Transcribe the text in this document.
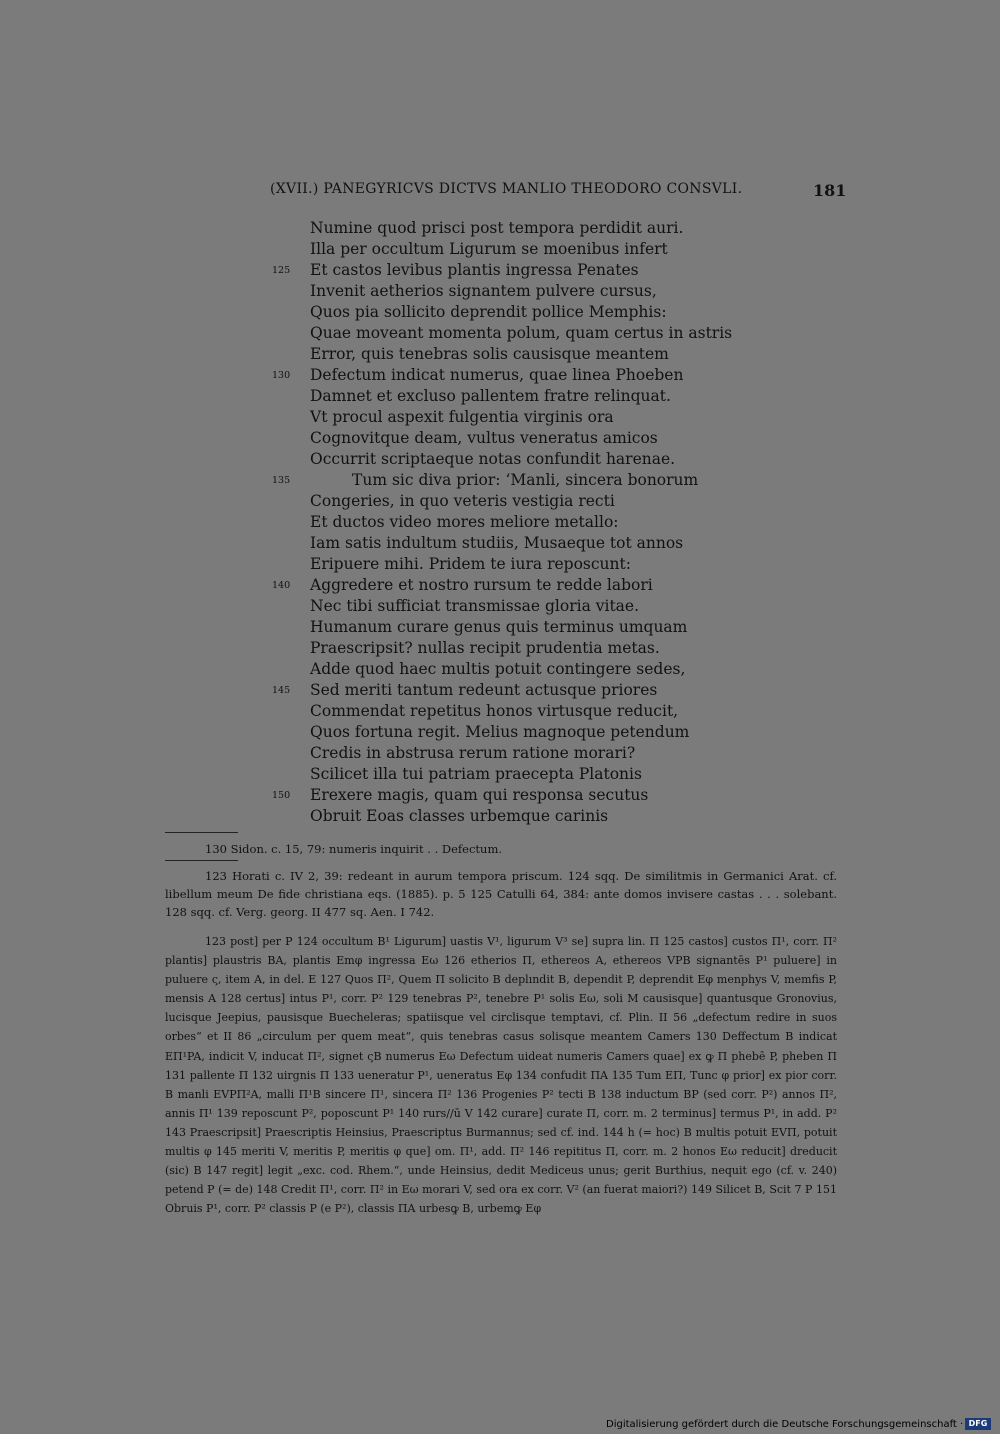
(XVII.) PANEGYRICVS DICTVS MANLIO THEODORO CONSVLI.	181
Numine quod prisci post tempora perdidit auri.
Illa per occultum Ligurum se moenibus infert
125 Et castos levibus plantis ingressa Penates
Invenit aetherios signantem pulvere cursus,
Quos pia sollicito deprendit pollice Memphis:
Quae moveant momenta polum, quam certus in astris
Error, quis tenebras solis causisque meantem
130 Defectum indicat numerus, quae linea Phoeben
Damnet et excluso pallentem fratre relinquat.
Vt procul aspexit fulgentia virginis ora
Cognovitque deam, vultus veneratus amicos
Occurrit scriptaeque notas confundit harenae.
135	Tum sic diva prior: ‘Manli, sincera bonorum
Congeries, in quo veteris vestigia recti
Et ductos video mores meliore metallo:
Iam satis indultum studiis, Musaeque tot annos
Eripuere mihi. Pridem te iura reposcunt:
140 Aggredere et nostro rursum te redde labori
Nec tibi sufficiat transmissae gloria vitae.
Humanum curare genus quis terminus umquam
Praescripsit? nullas recipit prudentia metas.
Adde quod haec multis potuit contingere sedes,
145 Sed meriti tantum redeunt actusque priores
Commendat repetitus honos virtusque reducit,
Quos fortuna regit. Melius magnoque petendum
Credis in abstrusa rerum ratione morari?
Scilicet illa tui patriam praecepta Platonis
150 Erexere magis, quam qui responsa secutus
Obruit Eoas classes urbemque carinis
130 Sidon. c. 15, 79: numeris inquirit . . Defectum.
123 Horati c. IV 2, 39: redeant in aurum tempora priscum. 124 sqq. De similitmis in Germanici Arat. cf. libellum meum De fide christiana eqs. (1885). p. 5 125 Catulli 64, 384: ante domos invisere castas . . . solebant. 128 sqq. cf. Verg. georg. II 477 sq. Aen. I 742.
123 post] per P 124 occultum B¹ Ligurum] uastis V¹, ligurum V³ se] supra lin. Π 125 castos] custos Π¹, corr. Π² plantis] plaustris BA, plantis Emφ ingressa Eω 126 etherios Π, ethereos A, ethereos VPB signantēs P¹ puluere] in puluere ς, item A, in del. E 127 Quos Π², Quem Π solicito B deplındit B, dependit P, deprendit Eφ menphys V, memfis P, mensis A 128 certus] intus P¹, corr. P² 129 tenebras P², tenebre P¹ solis Eω, soli M causisque] quantusque Gronovius, lucisque Jeepius, pausisque Buecheleras; spatiisque vel circlisque temptavi, cf. Plin. II 56 „defectum redire in suos orbes“ et II 86 „circulum per quem meat“, quis tenebras casus solisque meantem Camers 130 Deffectum B indicat EΠ¹PA, indicit V, inducat Π², signet ςB numerus Eω Defectum uideat numeris Camers quae] ex ꝙ Π phebē P, pheben Π 131 pallente Π 132 uirgnis Π 133 ueneratur P¹, ueneratus Eφ 134 confudit ΠA 135 Tum EΠ, Tunc φ prior] ex pior corr. B manli EVPΠ²A, malli Π¹B sincere Π¹, sincera Π² 136 Progenies P² tecti B 138 inductum BP (sed corr. P²) annos Π², annis Π¹ 139 reposcunt P², poposcunt P¹ 140 rurs//ū V 142 curare] curate Π, corr. m. 2 terminus] termus P¹, in add. P² 143 Praescripsit] Praescriptis Heinsius, Praescriptus Burmannus; sed cf. ind. 144 h (= hoc) B multis potuit EVΠ, potuit multis φ 145 meriti V, meritis P, meritis φ que] om. Π¹, add. Π² 146 repititus Π, corr. m. 2 honos Eω reducit] dreducit (sic) B 147 regit] legit „exc. cod. Rhem.“, unde Heinsius, dedit Mediceus unus; gerit Burthius, nequit ego (cf. v. 240) petend P (= de) 148 Credit Π¹, corr. Π² in Eω morari V, sed ora ex corr. V² (an fuerat maiori?) 149 Silicet B, Scit 7 P 151 Obruis P¹, corr. P² classis P (e P²), classis ΠA urbesꝙ B, urbemꝙ Eφ
Digitalisierung gefördert durch die Deutsche Forschungsgemeinschaft · DFG
